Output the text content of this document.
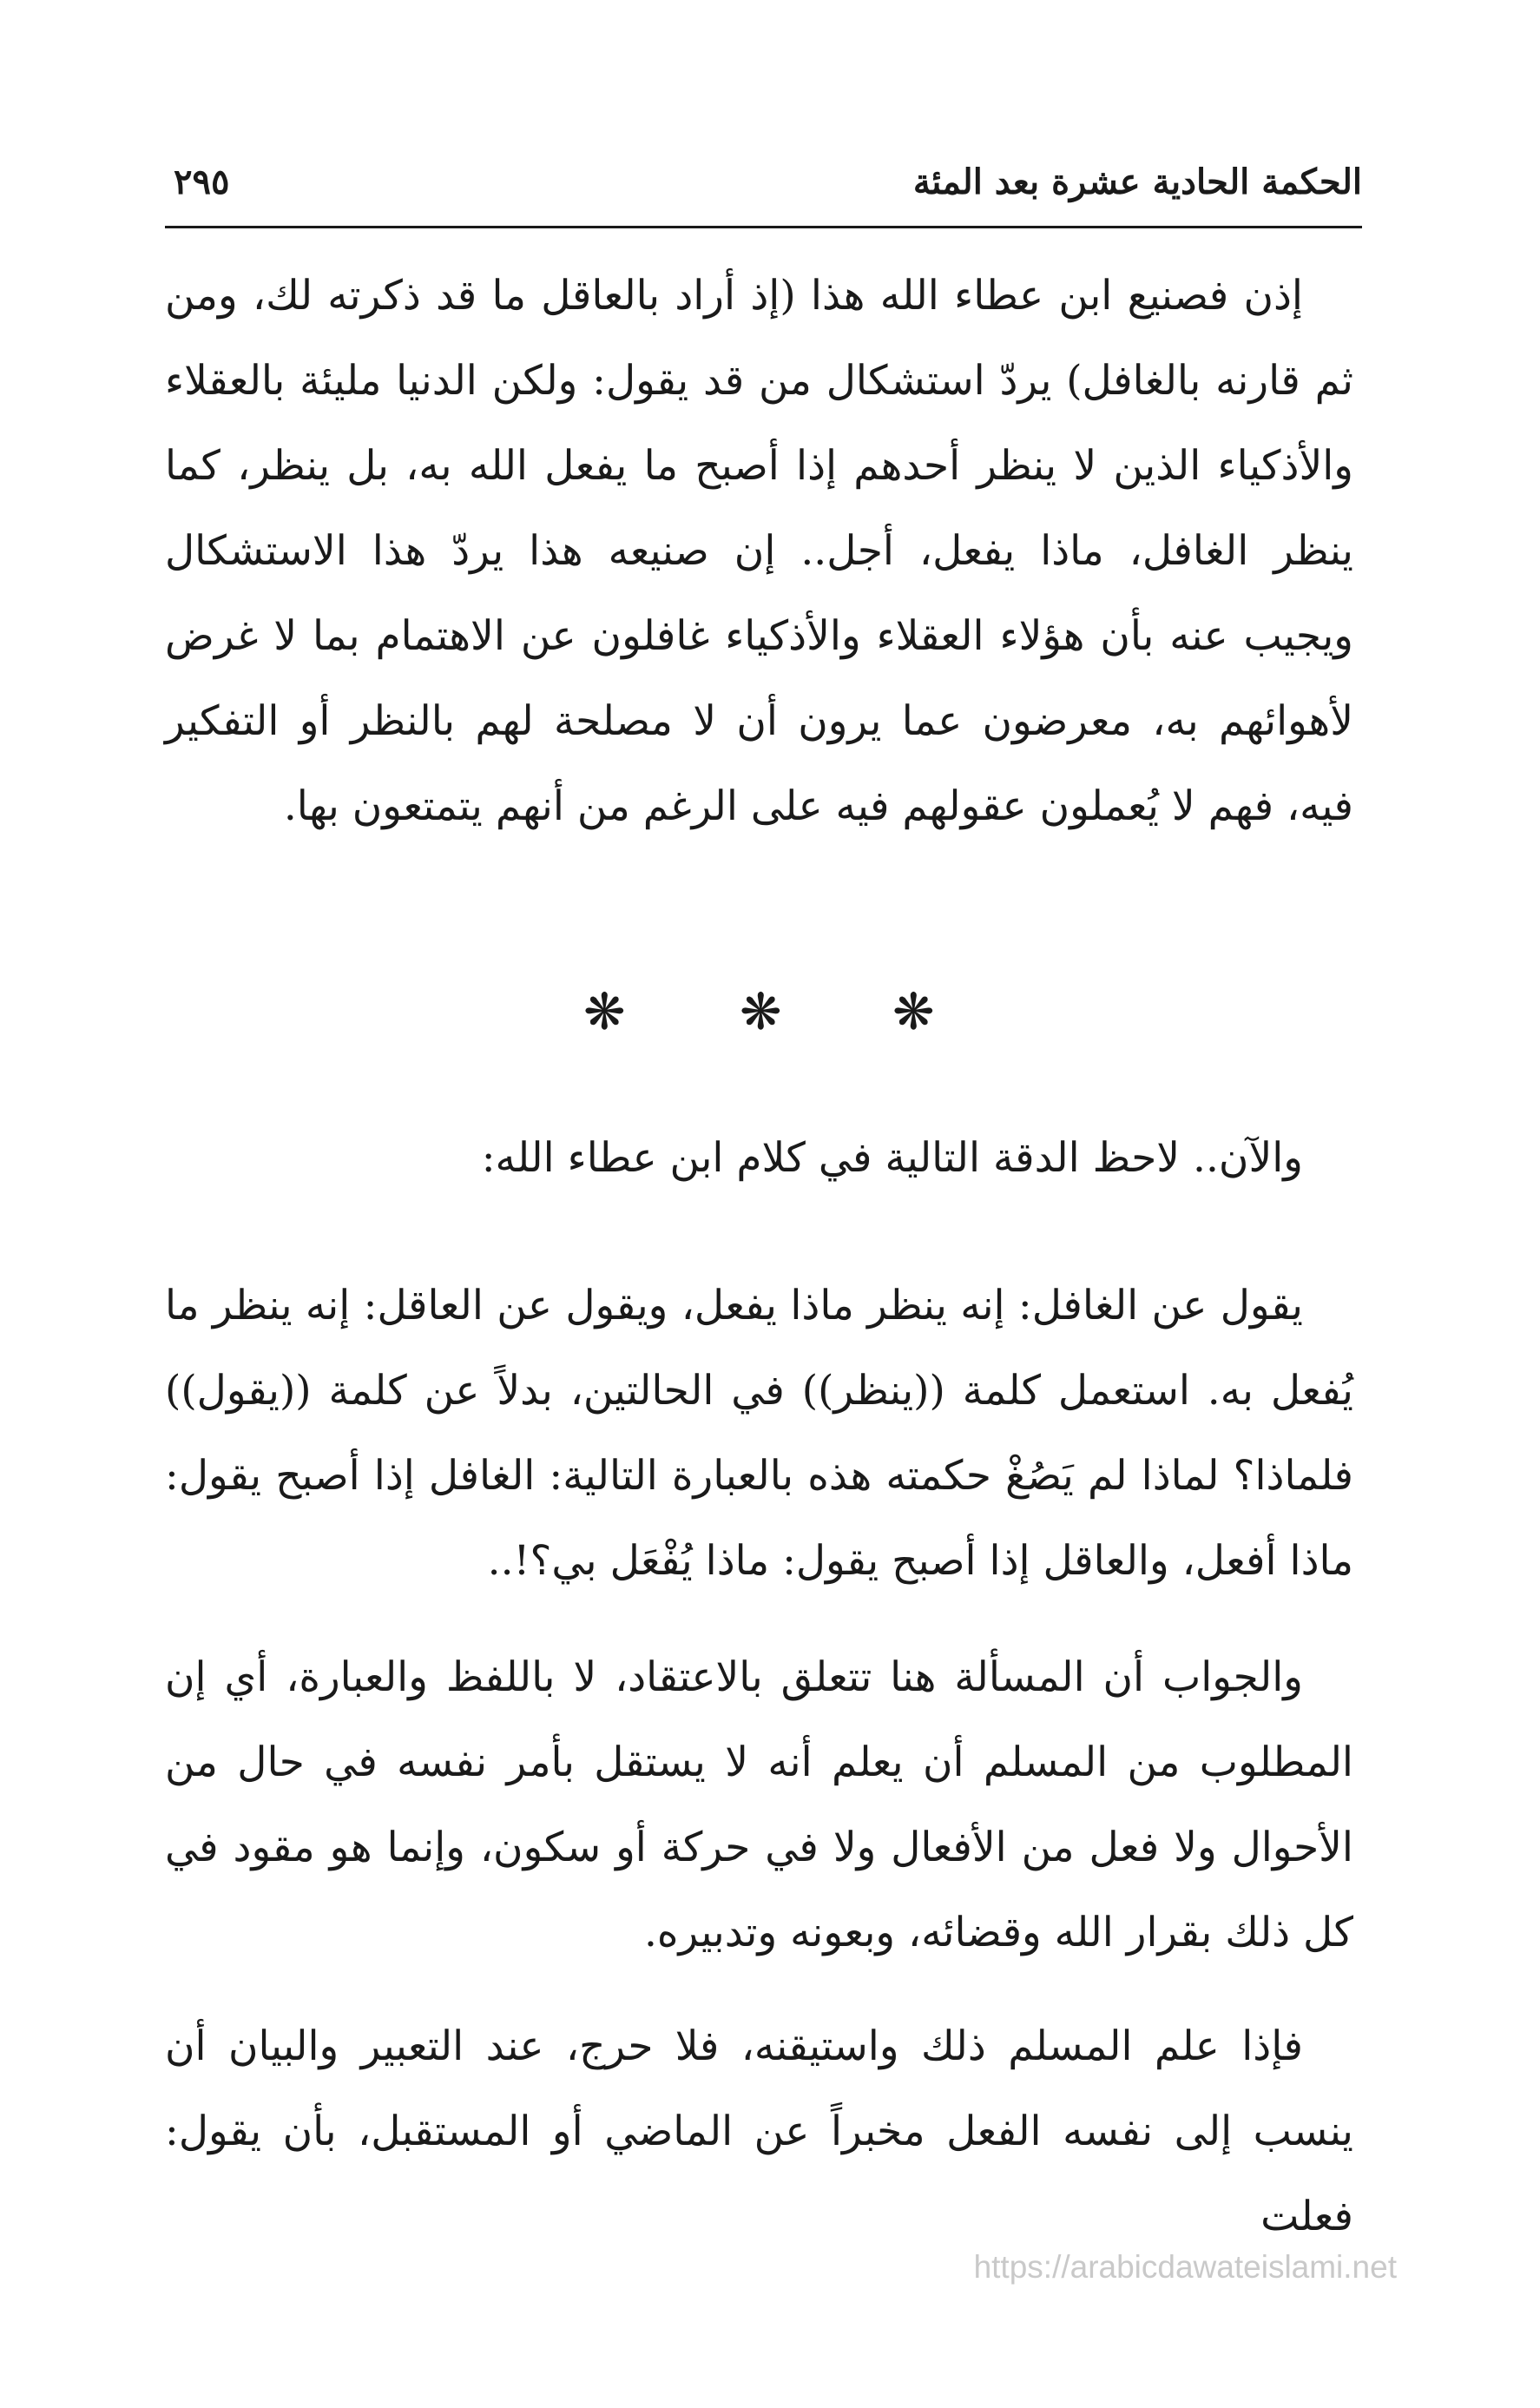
الحكمة الحادية عشرة بعد المئة
٢٩٥

إذن فصنيع ابن عطاء الله هذا (إذ أراد بالعاقل ما قد ذكرته لك، ومن ثم قارنه بالغافل) يردّ استشكال من قد يقول: ولكن الدنيا مليئة بالعقلاء والأذكياء الذين لا ينظر أحدهم إذا أصبح ما يفعل الله به، بل ينظر، كما ينظر الغافل، ماذا يفعل، أجل.. إن صنيعه هذا يردّ هذا الاستشكال ويجيب عنه بأن هؤلاء العقلاء والأذكياء غافلون عن الاهتمام بما لا غرض لأهوائهم به، معرضون عما يرون أن لا مصلحة لهم بالنظر أو التفكير فيه، فهم لا يُعملون عقولهم فيه على الرغم من أنهم يتمتعون بها.

❋ ❋ ❋

والآن.. لاحظ الدقة التالية في كلام ابن عطاء الله:

يقول عن الغافل: إنه ينظر ماذا يفعل، ويقول عن العاقل: إنه ينظر ما يُفعل به. استعمل كلمة ((ينظر)) في الحالتين، بدلاً عن كلمة ((يقول)) فلماذا؟ لماذا لم يَصُغْ حكمته هذه بالعبارة التالية: الغافل إذا أصبح يقول: ماذا أفعل، والعاقل إذا أصبح يقول: ماذا يُفْعَل بي؟!..

والجواب أن المسألة هنا تتعلق بالاعتقاد، لا باللفظ والعبارة، أي إن المطلوب من المسلم أن يعلم أنه لا يستقل بأمر نفسه في حال من الأحوال ولا فعل من الأفعال ولا في حركة أو سكون، وإنما هو مقود في كل ذلك بقرار الله وقضائه، وبعونه وتدبيره.

فإذا علم المسلم ذلك واستيقنه، فلا حرج، عند التعبير والبيان أن ينسب إلى نفسه الفعل مخبراً عن الماضي أو المستقبل، بأن يقول: فعلت

https://arabicdawateislami.net
